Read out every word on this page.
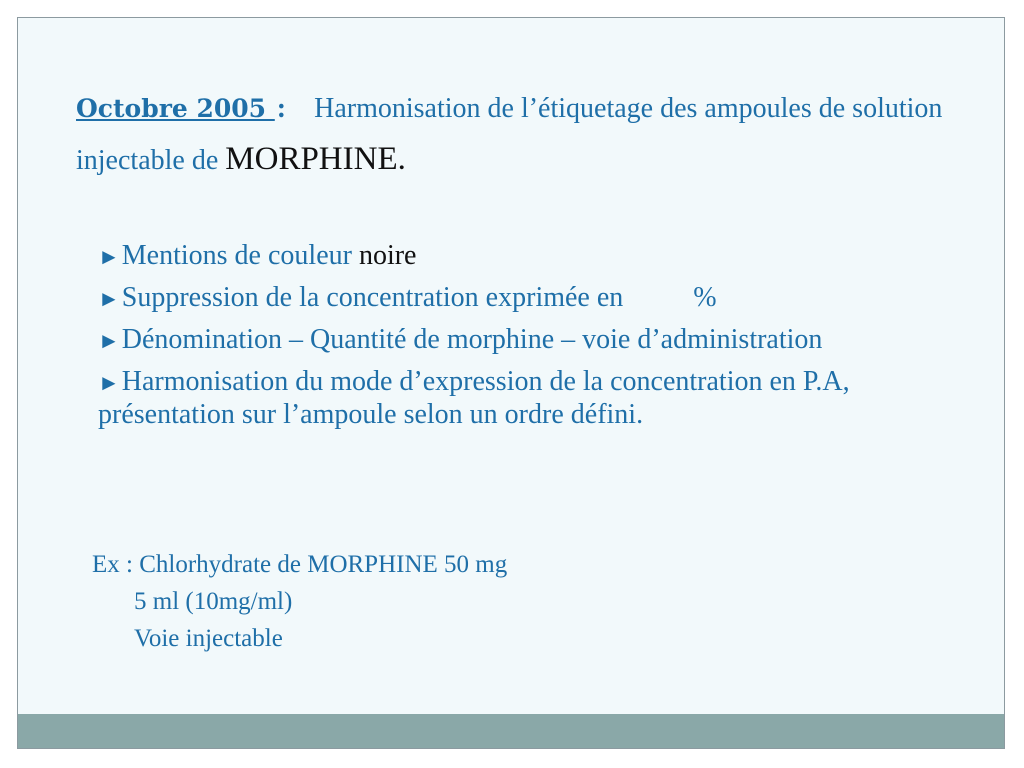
Octobre 2005 : Harmonisation de l’étiquetage des ampoules de solution injectable de MORPHINE.
►Mentions de couleur noire
►Suppression de la concentration exprimée en	%
►Dénomination – Quantité de morphine – voie d’administration
►Harmonisation du mode d’expression de la concentration en P.A, présentation sur l’ampoule selon un ordre défini.
Ex : Chlorhydrate de MORPHINE 50 mg
5 ml (10mg/ml)
Voie injectable
